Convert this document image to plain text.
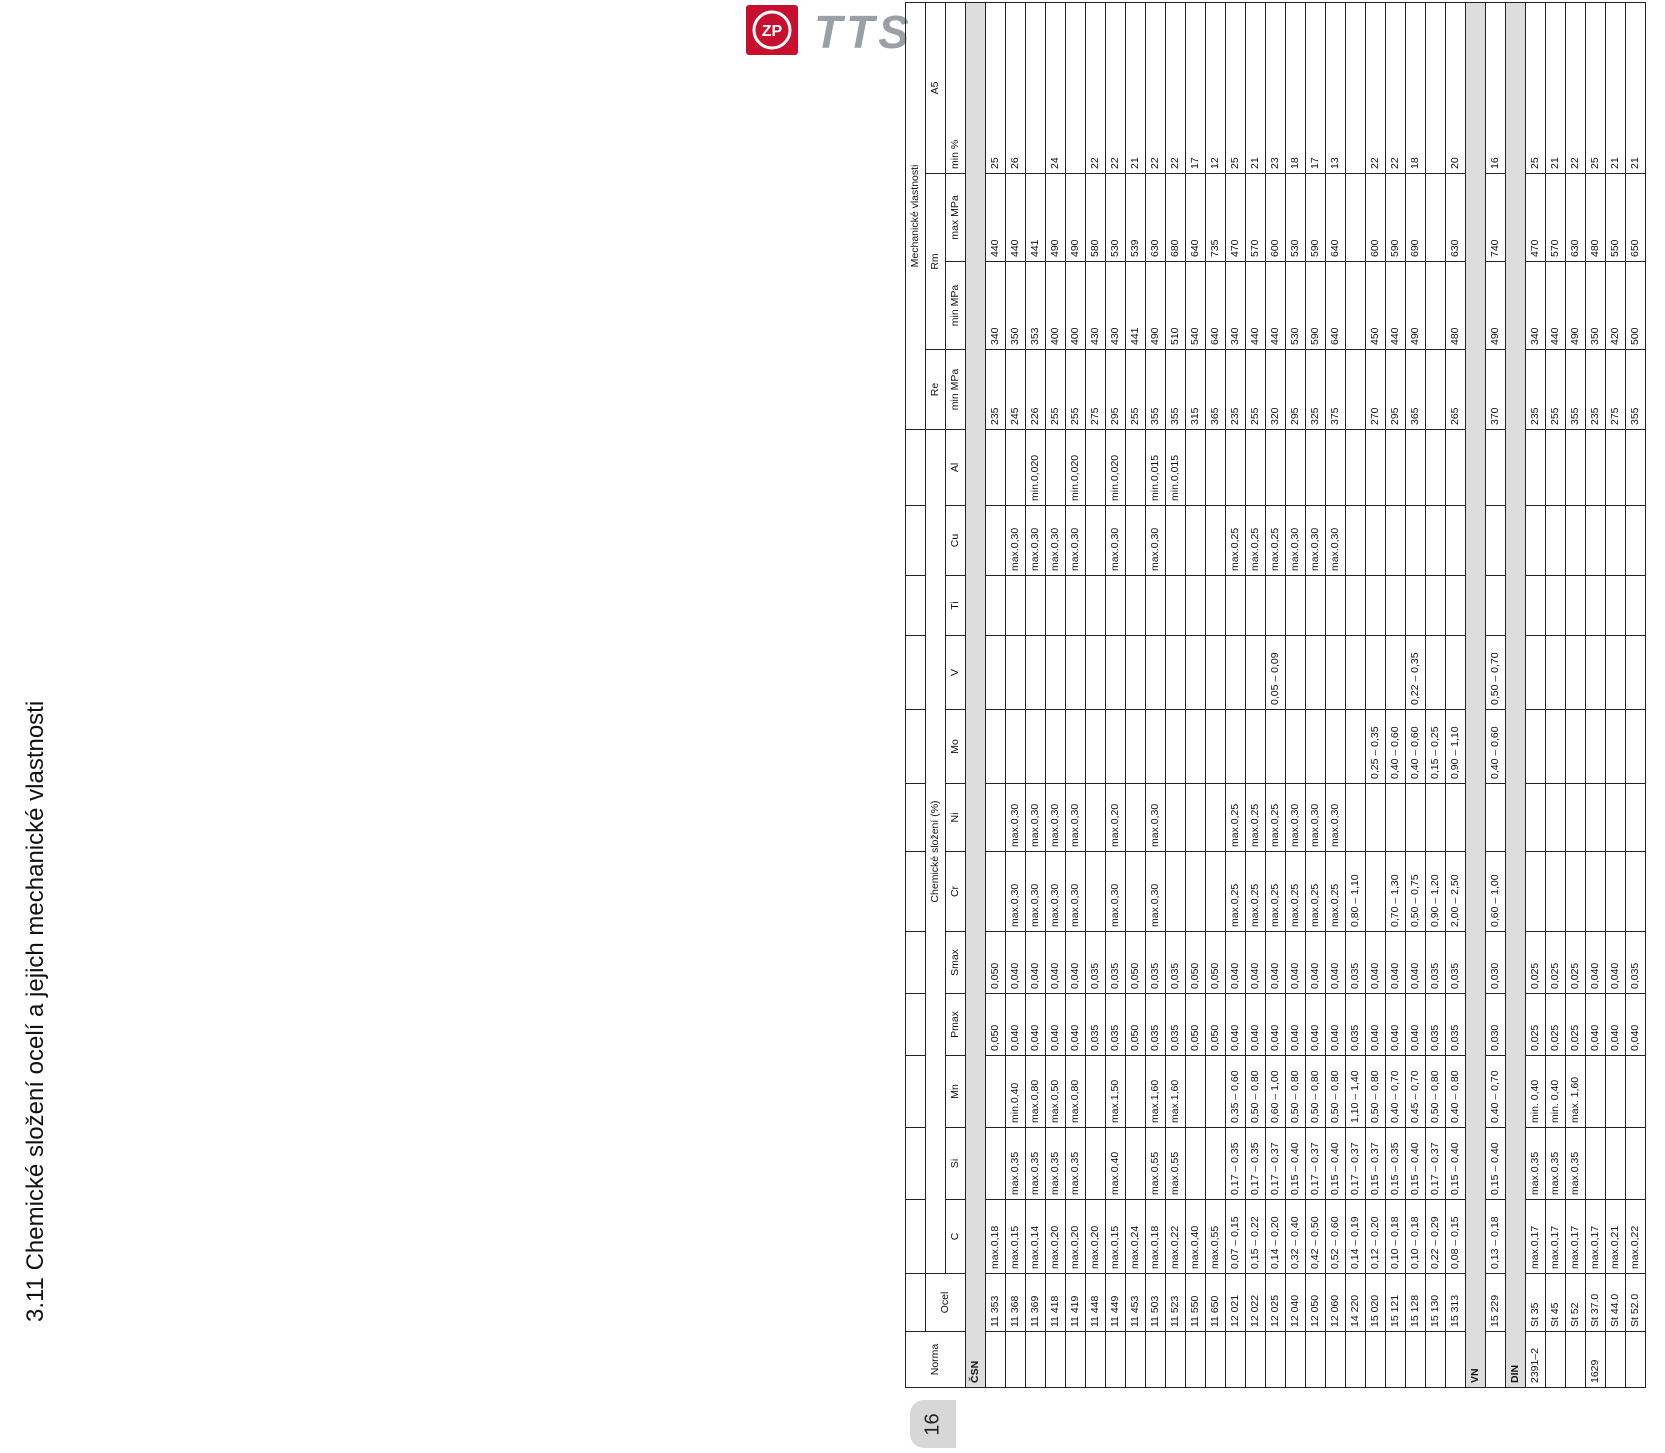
ZP TTS
3.11 Chemické složení ocelí a jejich mechanické vlastnosti
Norma														Mechanické vlastnosti			
	Ocel	Chemické složení (%)												Re	Rm		A5
		C	Si	Mn	Pmax	Smax	Cr	Ni	Mo	V	Ti	Cu	Al	min MPa	min MPa	max MPa	min %

ČSN																	
	11 353	max.0,18			0,050	0,050								235	340	440	25
	11 368	max.0,15	max.0,35	min.0,40	0,040	0,040	max.0,30	max.0,30				max.0,30		245	350	440	26
	11 369	max.0,14	max.0,35	max.0,80	0,040	0,040	max.0,30	max.0,30				max.0,30	min.0,020	226	353	441	
	11 418	max.0,20	max.0,35	max.0,50	0,040	0,040	max.0,30	max.0,30				max.0,30		255	400	490	24
	11 419	max.0,20	max.0,35	max.0,80	0,040	0,040	max.0,30	max.0,30				max.0,30	min.0,020	255	400	490	
	11 448	max.0,20			0,035	0,035								275	430	580	22
	11 449	max.0,15	max.0,40	max.1,50	0,035	0,035	max.0,30	max.0,20				max.0,30	min.0,020	295	430	530	22
	11 453	max.0,24			0,050	0,050								255	441	539	21
	11 503	max.0,18	max.0,55	max.1,60	0,035	0,035	max.0,30	max.0,30				max.0,30	min.0,015	355	490	630	22
	11 523	max.0,22	max.0,55	max.1,60	0,035	0,035							min.0,015	355	510	680	22
	11 550	max.0,40			0,050	0,050								315	540	640	17
	11 650	max.0,55			0,050	0,050								365	640	735	12
	12 021	0,07 – 0,15	0,17 – 0,35	0,35 – 0,60	0,040	0,040	max.0,25	max.0,25				max.0,25		235	340	470	25
	12 022	0,15 – 0,22	0,17 – 0,35	0,50 – 0,80	0,040	0,040	max.0,25	max.0,25				max.0,25		255	440	570	21
	12 025	0,14 – 0,20	0,17 – 0,37	0,60 – 1,00	0,040	0,040	max.0,25	max.0,25		0,05 – 0,09		max.0,25		320	440	600	23
	12 040	0,32 – 0,40	0,15 – 0,40	0,50 – 0,80	0,040	0,040	max.0,25	max.0,30				max.0,30		295	530	530	18
	12 050	0,42 – 0,50	0,17 – 0,37	0,50 – 0,80	0,040	0,040	max.0,25	max.0,30				max.0,30		325	590	590	17
	12 060	0,52 – 0,60	0,15 – 0,40	0,50 – 0,80	0,040	0,040	max.0,25	max.0,30				max.0,30		375	640	640	13
	14 220	0,14 – 0,19	0,17 – 0,37	1,10 – 1,40	0,035	0,035	0,80 – 1,10										
	15 020	0,12 – 0,20	0,15 – 0,37	0,50 – 0,80	0,040	0,040			0,25 – 0,35					270	450	600	22
	15 121	0,10 – 0,18	0,15 – 0,35	0,40 – 0,70	0,040	0,040	0,70 – 1,30		0,40 – 0,60					295	440	590	22
	15 128	0,10 – 0,18	0,15 – 0,40	0,45 – 0,70	0,040	0,040	0,50 – 0,75		0,40 – 0,60	0,22 – 0,35				365	490	690	18
	15 130	0,22 – 0,29	0,17 – 0,37	0,50 – 0,80	0,035	0,035	0,90 – 1,20		0,15 – 0,25								
	15 313	0,08 – 0,15	0,15 – 0,40	0,40 – 0,80	0,035	0,035	2,00 – 2,50		0,90 – 1,10					265	480	630	20
VN																	
	15 229	0,13 – 0,18	0,15 – 0,40	0,40 – 0,70	0,030	0,030	0,60 – 1,00		0,40 – 0,60	0,50 – 0,70				370	490	740	16
DIN																	
2391–2	St 35	max.0,17	max.0,35	min. 0,40	0,025	0,025								235	340	470	25
	St 45	max.0,17	max.0,35	min. 0,40	0,025	0,025								255	440	570	21
	St 52	max.0,17	max.0,35	max. 1,60	0,025	0,025								355	490	630	22
1629	St 37.0	max.0,17			0,040	0,040								235	350	480	25
	St 44.0	max.0,21			0,040	0,040								275	420	550	21
	St 52.0	max.0,22			0,040	0,035								355	500	650	21
16
